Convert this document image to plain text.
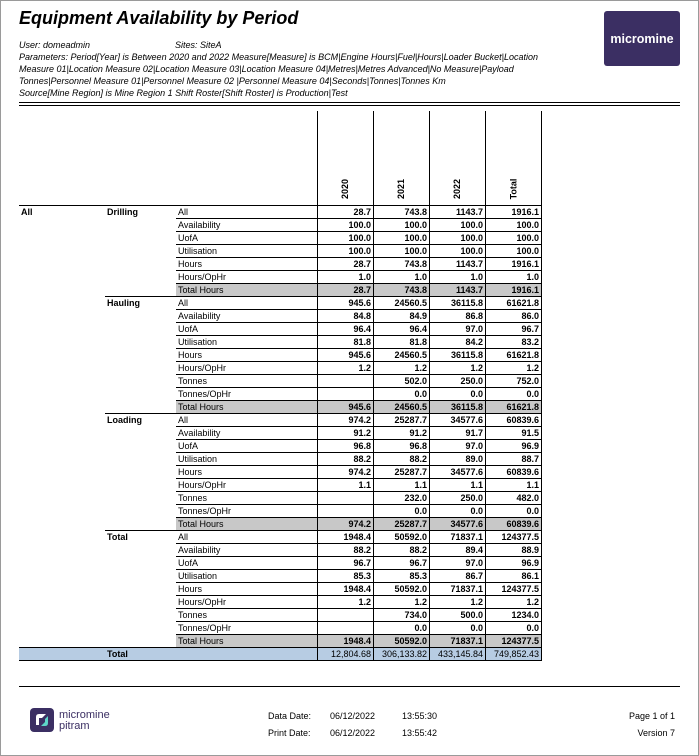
Equipment Availability by Period
User: domeadmin	Sites: SiteA
Parameters: Period[Year] is Between 2020 and 2022 Measure[Measure] is BCM|Engine Hours|Fuel|Hours|Loader Bucket|Location
Measure 01|Location Measure 02|Location Measure 03|Location Measure 04|Metres|Metres Advanced|No Measure|Payload
Tonnes|Personnel Measure 01|Personnel Measure 02 |Personnel Measure 04|Seconds|Tonnes|Tonnes Km
Source[Mine Region] is Mine Region 1 Shift Roster[Shift Roster] is Production|Test
micromine
			2020	2021	2022	Total
All	Drilling	All	28.7	743.8	1143.7	1916.1
		Availability	100.0	100.0	100.0	100.0
		UofA	100.0	100.0	100.0	100.0
		Utilisation	100.0	100.0	100.0	100.0
		Hours	28.7	743.8	1143.7	1916.1
		Hours/OpHr	1.0	1.0	1.0	1.0
		Total Hours	28.7	743.8	1143.7	1916.1
	Hauling	All	945.6	24560.5	36115.8	61621.8
		Availability	84.8	84.9	86.8	86.0
		UofA	96.4	96.4	97.0	96.7
		Utilisation	81.8	81.8	84.2	83.2
		Hours	945.6	24560.5	36115.8	61621.8
		Hours/OpHr	1.2	1.2	1.2	1.2
		Tonnes		502.0	250.0	752.0
		Tonnes/OpHr		0.0	0.0	0.0
		Total Hours	945.6	24560.5	36115.8	61621.8
	Loading	All	974.2	25287.7	34577.6	60839.6
		Availability	91.2	91.2	91.7	91.5
		UofA	96.8	96.8	97.0	96.9
		Utilisation	88.2	88.2	89.0	88.7
		Hours	974.2	25287.7	34577.6	60839.6
		Hours/OpHr	1.1	1.1	1.1	1.1
		Tonnes		232.0	250.0	482.0
		Tonnes/OpHr		0.0	0.0	0.0
		Total Hours	974.2	25287.7	34577.6	60839.6
	Total	All	1948.4	50592.0	71837.1	124377.5
		Availability	88.2	88.2	89.4	88.9
		UofA	96.7	96.7	97.0	96.9
		Utilisation	85.3	85.3	86.7	86.1
		Hours	1948.4	50592.0	71837.1	124377.5
		Hours/OpHr	1.2	1.2	1.2	1.2
		Tonnes		734.0	500.0	1234.0
		Tonnes/OpHr		0.0	0.0	0.0
		Total Hours	1948.4	50592.0	71837.1	124377.5
	Total		12,804.68	306,133.82	433,145.84	749,852.43
micromine
pitram
Data Date: 06/12/2022	13:55:30
Print Date: 06/12/2022	13:55:42
Page 1 of 1
Version 7
